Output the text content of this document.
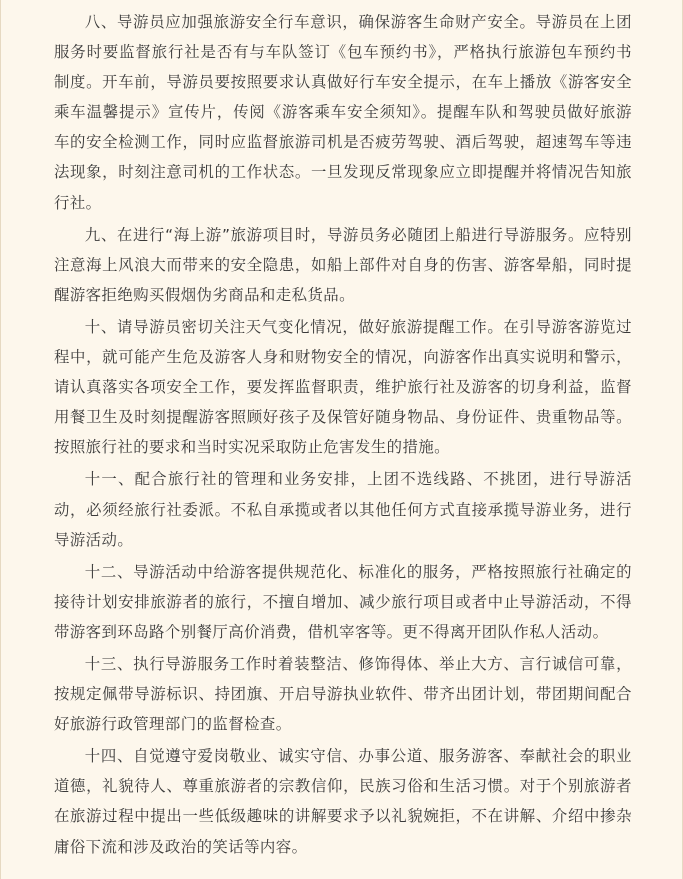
八、导游员应加强旅游安全行车意识，确保游客生命财产安全。导游员在上团服务时要监督旅行社是否有与车队签订《包车预约书》，严格执行旅游包车预约书制度。开车前，导游员要按照要求认真做好行车安全提示，在车上播放《游客安全乘车温馨提示》宣传片，传阅《游客乘车安全须知》。提醒车队和驾驶员做好旅游车的安全检测工作，同时应监督旅游司机是否疲劳驾驶、酒后驾驶，超速驾车等违法现象，时刻注意司机的工作状态。一旦发现反常现象应立即提醒并将情况告知旅行社。

九、在进行“海上游”旅游项目时，导游员务必随团上船进行导游服务。应特别注意海上风浪大而带来的安全隐患，如船上部件对自身的伤害、游客晕船，同时提醒游客拒绝购买假烟伪劣商品和走私货品。

十、请导游员密切关注天气变化情况，做好旅游提醒工作。在引导游客游览过程中，就可能产生危及游客人身和财物安全的情况，向游客作出真实说明和警示，请认真落实各项安全工作，要发挥监督职责，维护旅行社及游客的切身利益，监督用餐卫生及时刻提醒游客照顾好孩子及保管好随身物品、身份证件、贵重物品等。按照旅行社的要求和当时实况采取防止危害发生的措施。

十一、配合旅行社的管理和业务安排，上团不选线路、不挑团，进行导游活动，必须经旅行社委派。不私自承揽或者以其他任何方式直接承揽导游业务，进行导游活动。

十二、导游活动中给游客提供规范化、标准化的服务，严格按照旅行社确定的接待计划安排旅游者的旅行，不擅自增加、减少旅行项目或者中止导游活动，不得带游客到环岛路个别餐厅高价消费，借机宰客等。更不得离开团队作私人活动。

十三、执行导游服务工作时着装整洁、修饰得体、举止大方、言行诚信可靠，按规定佩带导游标识、持团旗、开启导游执业软件、带齐出团计划，带团期间配合好旅游行政管理部门的监督检查。

十四、自觉遵守爱岗敬业、诚实守信、办事公道、服务游客、奉献社会的职业道德，礼貌待人、尊重旅游者的宗教信仰，民族习俗和生活习惯。对于个别旅游者在旅游过程中提出一些低级趣味的讲解要求予以礼貌婉拒，不在讲解、介绍中掺杂庸俗下流和涉及政治的笑话等内容。
